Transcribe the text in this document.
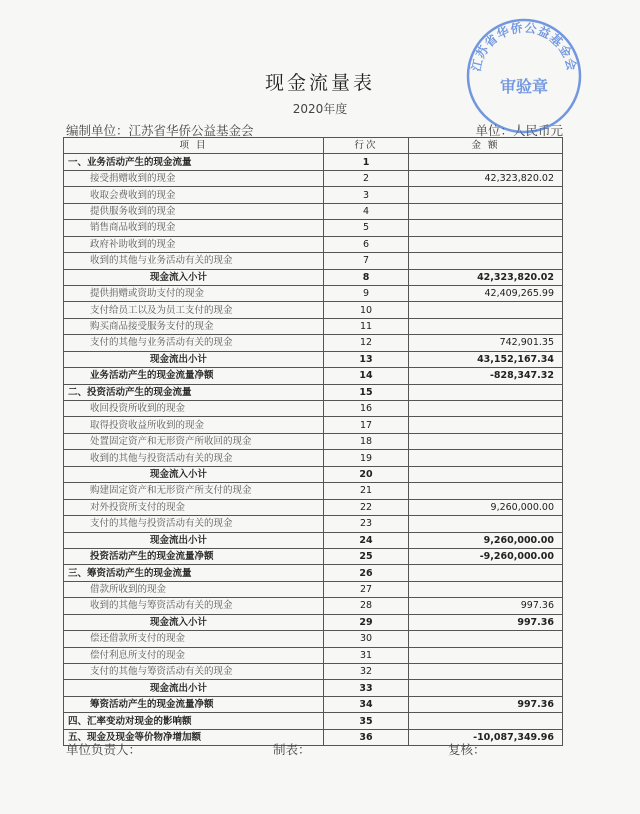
现金流量表
2020年度
编制单位：江苏省华侨公益基金会	单位：人民币元
项 目	行次	金 额
一、业务活动产生的现金流量	1	
接受捐赠收到的现金	2	42,323,820.02
收取会费收到的现金	3	
提供服务收到的现金	4	
销售商品收到的现金	5	
政府补助收到的现金	6	
收到的其他与业务活动有关的现金	7	
现金流入小计	8	42,323,820.02
提供捐赠或资助支付的现金	9	42,409,265.99
支付给员工以及为员工支付的现金	10	
购买商品接受服务支付的现金	11	
支付的其他与业务活动有关的现金	12	742,901.35
现金流出小计	13	43,152,167.34
业务活动产生的现金流量净额	14	-828,347.32
二、投资活动产生的现金流量	15	
收回投资所收到的现金	16	
取得投资收益所收到的现金	17	
处置固定资产和无形资产所收回的现金	18	
收到的其他与投资活动有关的现金	19	
现金流入小计	20	
购建固定资产和无形资产所支付的现金	21	
对外投资所支付的现金	22	9,260,000.00
支付的其他与投资活动有关的现金	23	
现金流出小计	24	9,260,000.00
投资活动产生的现金流量净额	25	-9,260,000.00
三、筹资活动产生的现金流量	26	
借款所收到的现金	27	
收到的其他与筹资活动有关的现金	28	997.36
现金流入小计	29	997.36
偿还借款所支付的现金	30	
偿付利息所支付的现金	31	
支付的其他与筹资活动有关的现金	32	
现金流出小计	33	
筹资活动产生的现金流量净额	34	997.36
四、汇率变动对现金的影响额	35	
五、现金及现金等价物净增加额	36	-10,087,349.96
单位负责人：	制表：	复核：
江苏省华侨公益基金会
审验章
